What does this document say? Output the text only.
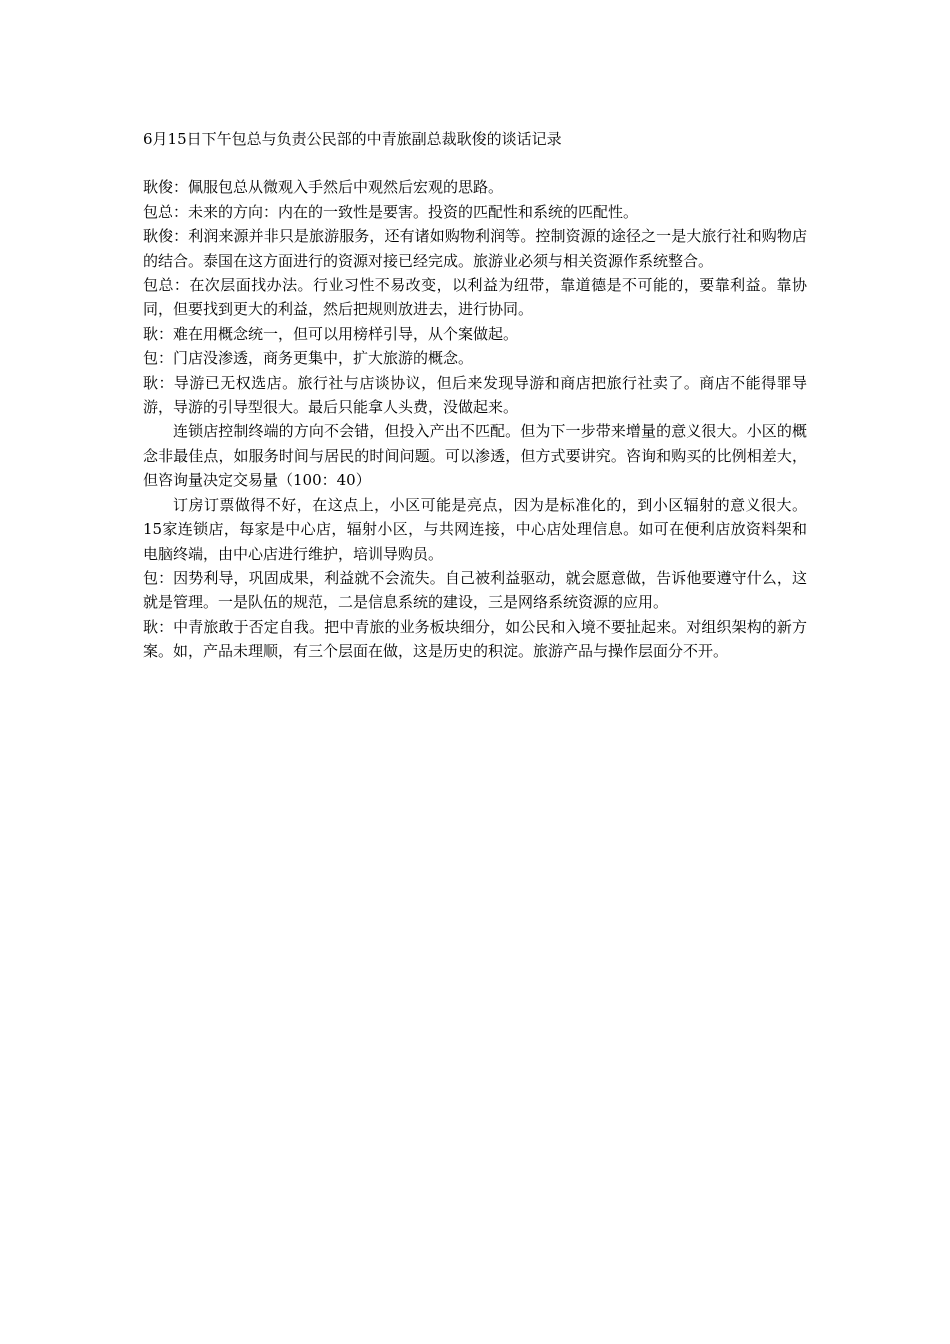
6月15日下午包总与负责公民部的中青旅副总裁耿俊的谈话记录

耿俊：佩服包总从微观入手然后中观然后宏观的思路。

包总：未来的方向：内在的一致性是要害。投资的匹配性和系统的匹配性。

耿俊：利润来源并非只是旅游服务，还有诸如购物利润等。控制资源的途径之一是大旅行社和购物店的结合。泰国在这方面进行的资源对接已经完成。旅游业必须与相关资源作系统整合。

包总：在次层面找办法。行业习性不易改变，以利益为纽带，靠道德是不可能的，要靠利益。靠协同，但要找到更大的利益，然后把规则放进去，进行协同。

耿：难在用概念统一，但可以用榜样引导，从个案做起。

包：门店没渗透，商务更集中，扩大旅游的概念。

耿：导游已无权选店。旅行社与店谈协议，但后来发现导游和商店把旅行社卖了。商店不能得罪导游，导游的引导型很大。最后只能拿人头费，没做起来。

连锁店控制终端的方向不会错，但投入产出不匹配。但为下一步带来增量的意义很大。小区的概念非最佳点，如服务时间与居民的时间问题。可以渗透，但方式要讲究。咨询和购买的比例相差大，但咨询量决定交易量（100：40）

订房订票做得不好，在这点上，小区可能是亮点，因为是标准化的，到小区辐射的意义很大。15家连锁店，每家是中心店，辐射小区，与共网连接，中心店处理信息。如可在便利店放资料架和电脑终端，由中心店进行维护，培训导购员。

包：因势利导，巩固成果，利益就不会流失。自己被利益驱动，就会愿意做，告诉他要遵守什么，这就是管理。一是队伍的规范，二是信息系统的建设，三是网络系统资源的应用。

耿：中青旅敢于否定自我。把中青旅的业务板块细分，如公民和入境不要扯起来。对组织架构的新方案。如，产品未理顺，有三个层面在做，这是历史的积淀。旅游产品与操作层面分不开。
